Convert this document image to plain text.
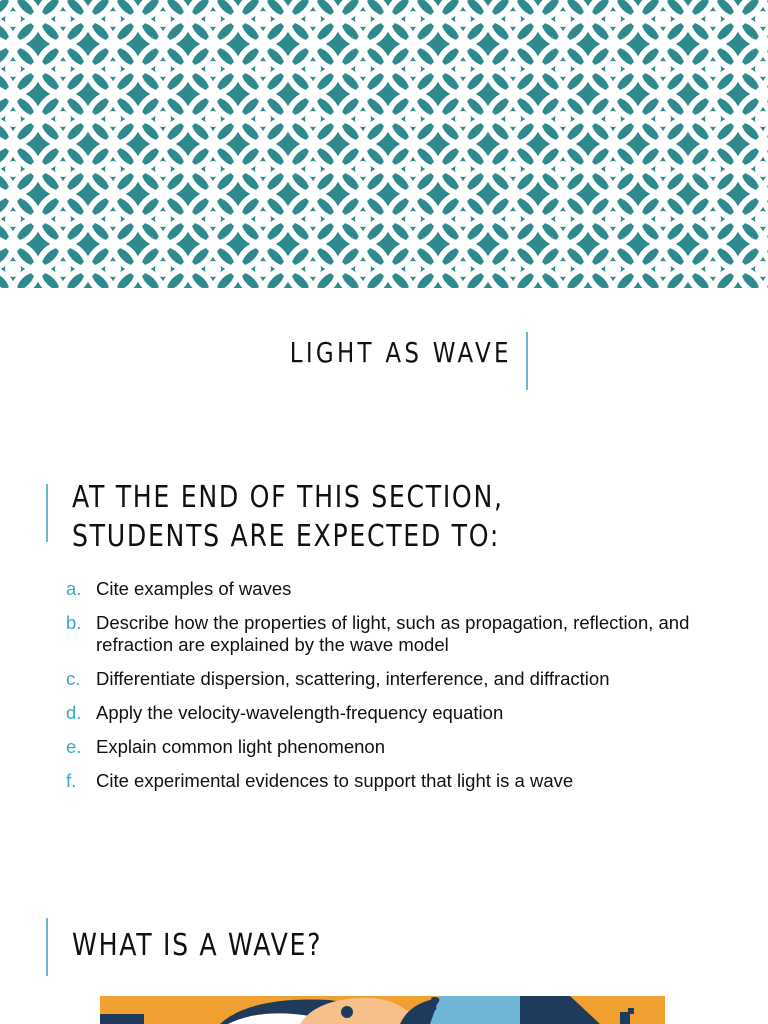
LIGHT AS WAVE
AT THE END OF THIS SECTION, STUDENTS ARE EXPECTED TO:
a. Cite examples of waves
b. Describe how the properties of light, such as propagation, reflection, and refraction are explained by the wave model
c. Differentiate dispersion, scattering, interference, and diffraction
d. Apply the velocity-wavelength-frequency equation
e. Explain common light phenomenon
f. Cite experimental evidences to support that light is a wave
WHAT IS A WAVE?
?
